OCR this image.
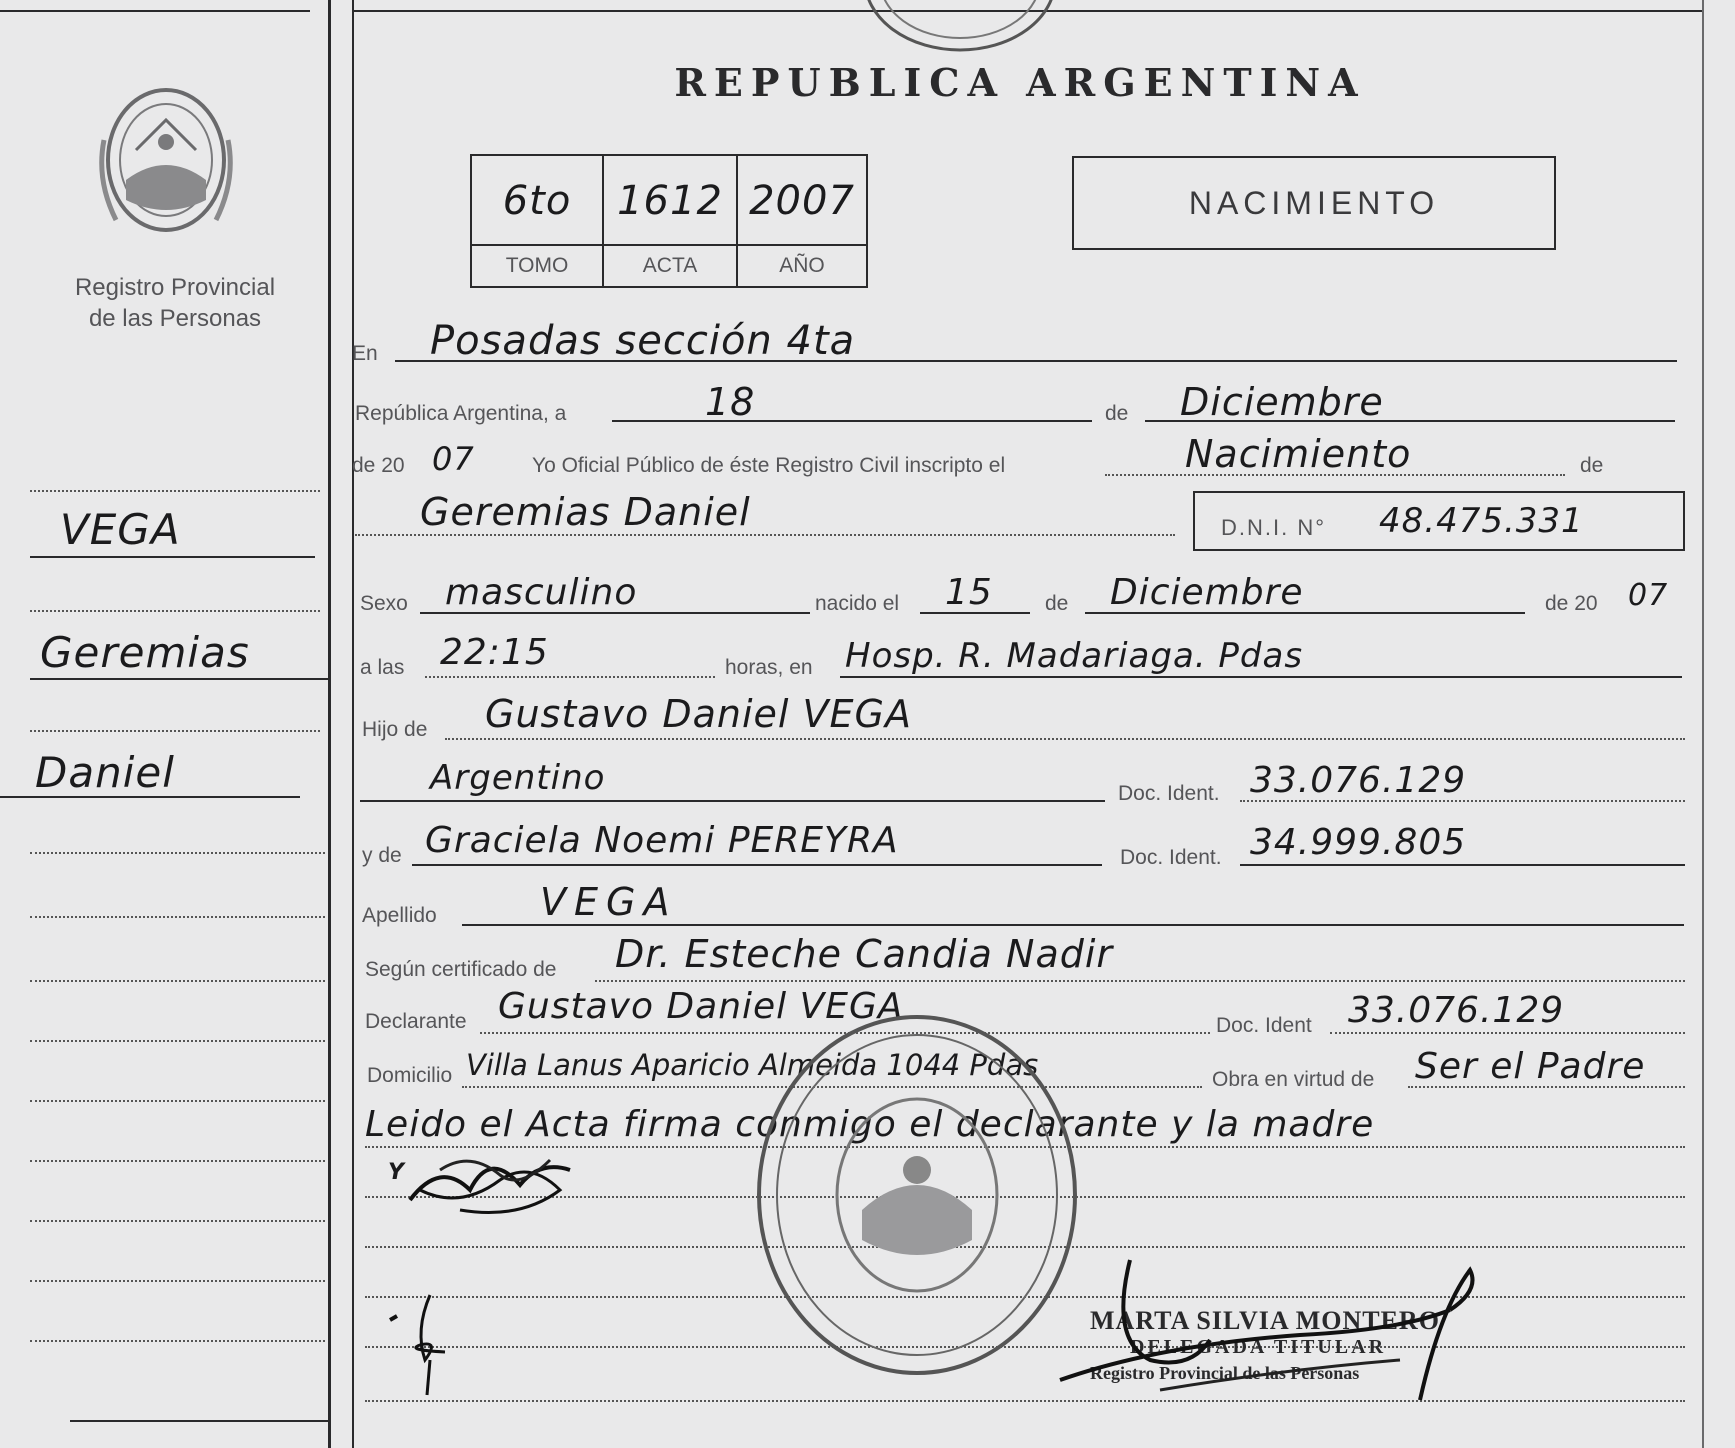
Registro Provincial
de las Personas
VEGA
Geremias
Daniel
REPUBLICA ARGENTINA
6to	1612 2007
TOMO	ACTA	AÑO
NACIMIENTO
En Posadas sección 4ta
República Argentina, a	18	de Diciembre
de 20 07	Yo Oficial Público de éste Registro Civil inscripto el	Nacimiento	de
Geremias Daniel	D.N.I. N° 48.475.331
Sexo masculino	nacido el 15 de Diciembre	de 20 07
a las 22:15	horas, en Hosp. R. Madariaga. Pdas
Hijo de Gustavo Daniel VEGA
Argentino	Doc. Ident. 33.076.129
y de Graciela Noemi PEREYRA	Doc. Ident. 34.999.805
Apellido	VEGA
Según certificado de Dr. Esteche Candia Nadir
Declarante Gustavo Daniel VEGA	Doc. Ident 33.076.129
Domicilio Villa Lanus Aparicio Almeida 1044 Pdas	Obra en virtud de Ser el Padre
Leido el Acta firma conmigo el declarante y la madre
Y
MARTA SILVIA MONTERO
DELEGADA TITULAR
Registro Provincial de las Personas
